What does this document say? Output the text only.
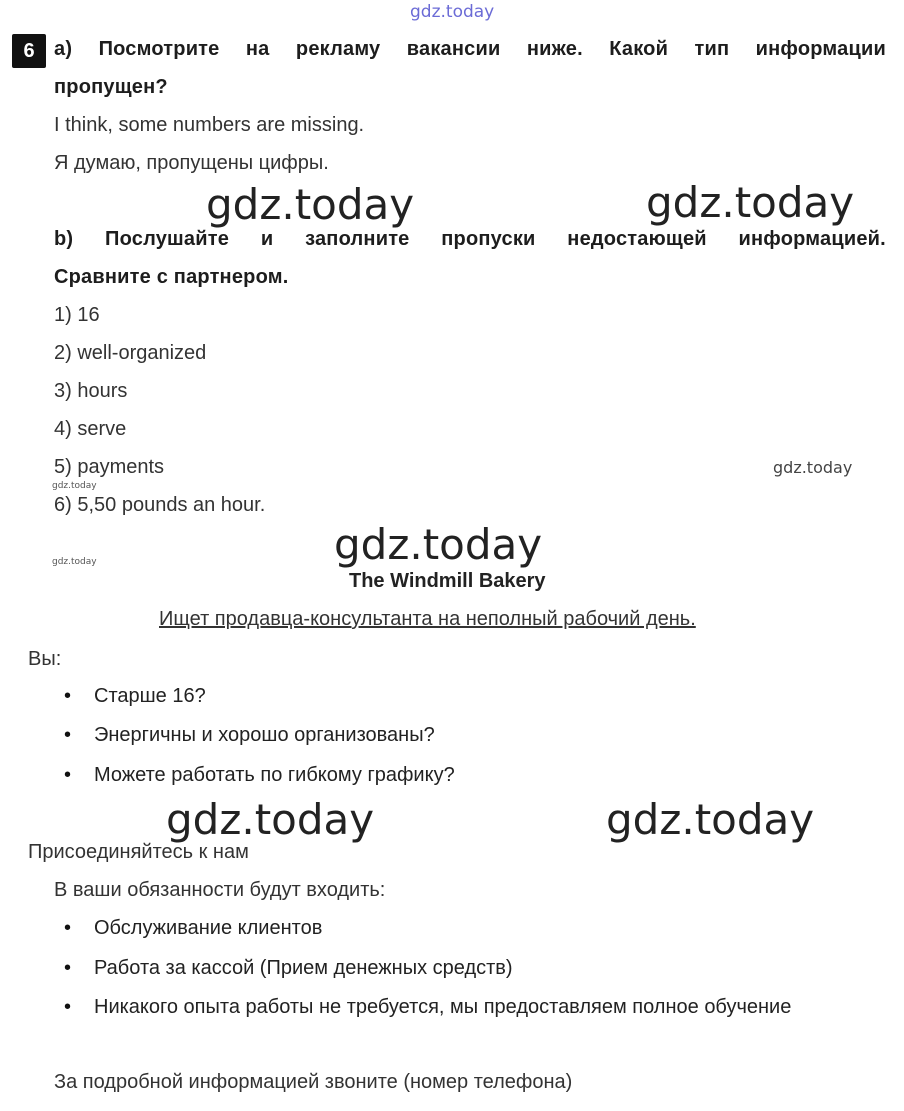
gdz.today
6 a) Посмотрите на рекламу вакансии ниже. Какой тип информации
пропущен?
I think, some numbers are missing.
Я думаю, пропущены цифры.
gdz.today	gdz.today
b) Послушайте и заполните пропуски недостающей информацией.
Сравните с партнером.
1) 16
2) well-organized
3) hours
4) serve
5) payments	gdz.today
gdz.today
6) 5,50 pounds an hour.
gdz.today	gdz.today
The Windmill Bakery
Ищет продавца-консультанта на неполный рабочий день.
Вы:
• Старше 16?
• Энергичны и хорошо организованы?
• Можете работать по гибкому графику?
gdz.today	gdz.today
Присоединяйтесь к нам
В ваши обязанности будут входить:
• Обслуживание клиентов
• Работа за кассой (Прием денежных средств)
• Никакого опыта работы не требуется, мы предоставляем полное обучение
За подробной информацией звоните (номер телефона)
